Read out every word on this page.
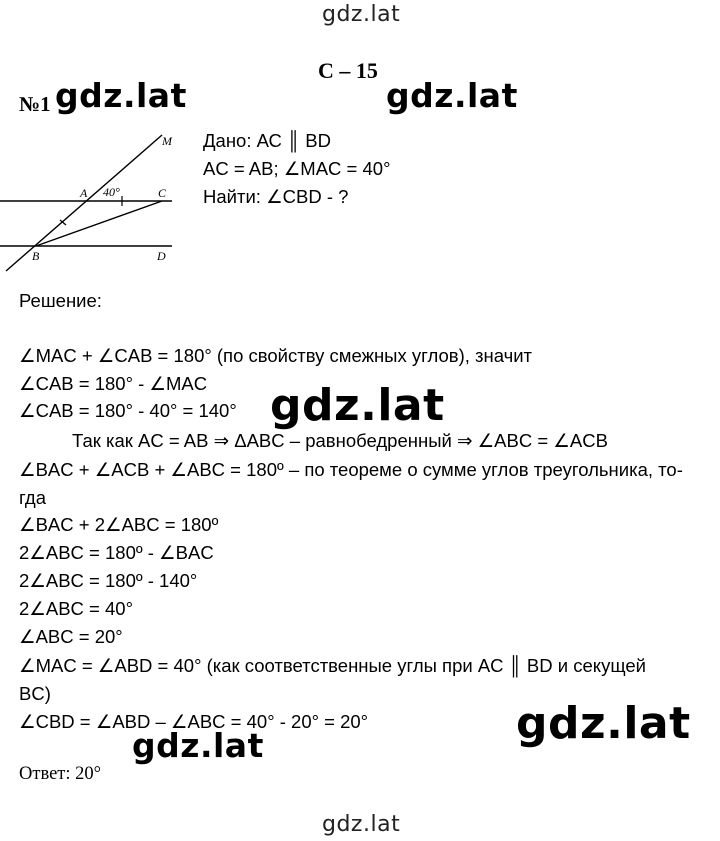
gdz.lat
С – 15
№1 gdz.lat	gdz.lat
M
A 40°	C
B	D
Дано: АС ║ BD
AC = AB; ∠MAC = 40°
Найти: ∠CBD - ?
Решение:
∠MAC + ∠CAB = 180° (по свойству смежных углов), значит
∠CAB = 180° - ∠MAC
∠CAB = 180° - 40° = 140°
Так как AC = AB ⇒ ΔABC – равнобедренный ⇒ ∠ABC = ∠ACB
∠BAC + ∠ACB + ∠ABC = 180º – по теореме о сумме углов треугольника, то-
гда
∠BAC + 2∠ABC = 180º
2∠ABC = 180º - ∠BAC
2∠ABC = 180º - 140°
2∠ABC = 40°
∠ABC = 20°
∠MAC = ∠ABD = 40° (как соответственные углы при AC ║ BD и секущей
BC)
∠CBD = ∠ABD – ∠ABC = 40° - 20° = 20°
Ответ: 20°
gdz.lat
gdz.lat
gdz.lat
gdz.lat
